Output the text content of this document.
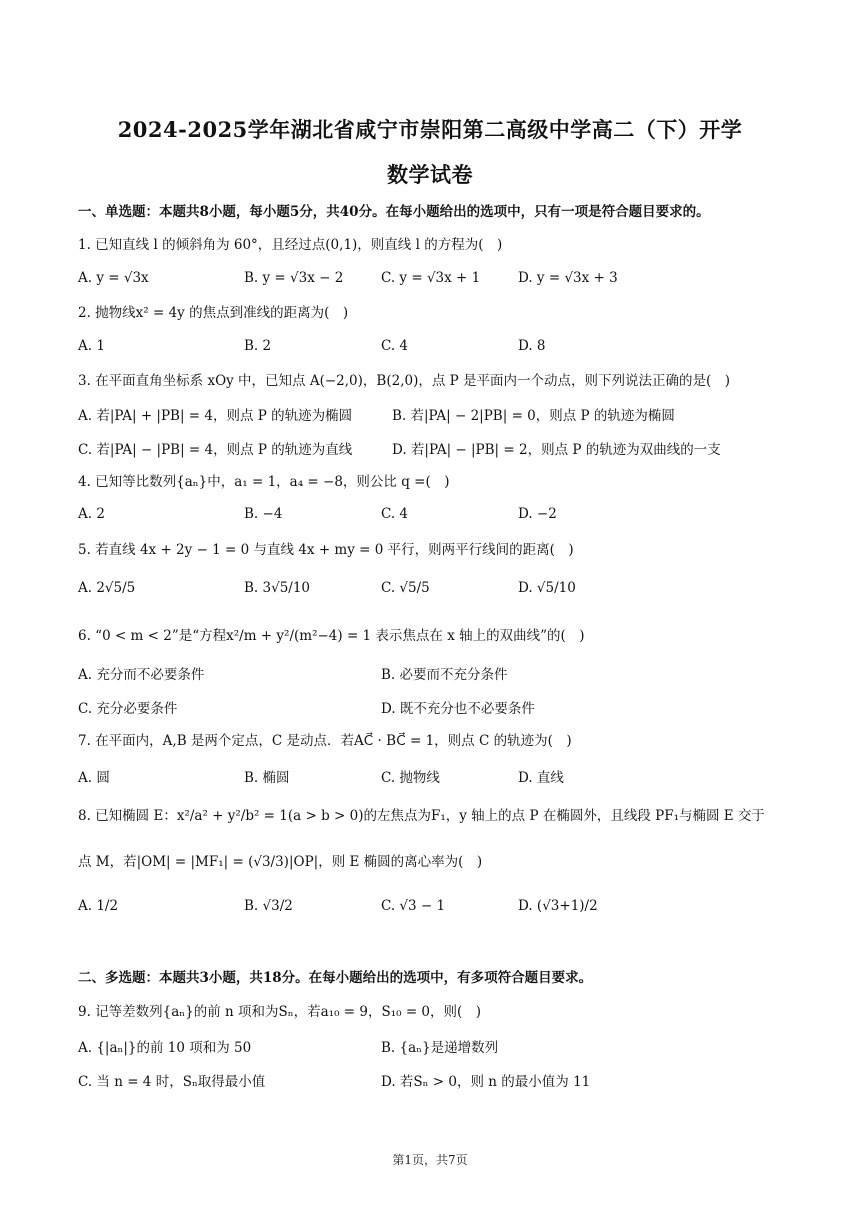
2024-2025学年湖北省咸宁市崇阳第二高级中学高二（下）开学
数学试卷
一、单选题：本题共8小题，每小题5分，共40分。在每小题给出的选项中，只有一项是符合题目要求的。
1. 已知直线 l 的倾斜角为 60°，且经过点(0,1)，则直线 l 的方程为(　)
A. y = √3x	B. y = √3x − 2	C. y = √3x + 1	D. y = √3x + 3
2. 抛物线x² = 4y 的焦点到准线的距离为(　)
A. 1	B. 2	C. 4	D. 8
3. 在平面直角坐标系 xOy 中，已知点 A(−2,0)，B(2,0)，点 P 是平面内一个动点，则下列说法正确的是(　)
A. 若|PA| + |PB| = 4，则点 P 的轨迹为椭圆	B. 若|PA| − 2|PB| = 0，则点 P 的轨迹为椭圆
C. 若|PA| − |PB| = 4，则点 P 的轨迹为直线	D. 若|PA| − |PB| = 2，则点 P 的轨迹为双曲线的一支
4. 已知等比数列{aₙ}中，a₁ = 1，a₄ = −8，则公比 q =(　)
A. 2	B. −4	C. 4	D. −2
5. 若直线 4x + 2y − 1 = 0 与直线 4x + my = 0 平行，则两平行线间的距离(　)
A. 2√5/5	B. 3√5/10	C. √5/5	D. √5/10
6. “0 < m < 2”是“方程x²/m + y²/(m²−4) = 1 表示焦点在 x 轴上的双曲线”的(　)
A. 充分而不必要条件	B. 必要而不充分条件
C. 充分必要条件	D. 既不充分也不必要条件
7. 在平面内，A,B 是两个定点，C 是动点．若AC⃗ · BC⃗ = 1，则点 C 的轨迹为(　)
A. 圆	B. 椭圆	C. 抛物线	D. 直线
8. 已知椭圆 E：x²/a² + y²/b² = 1(a > b > 0)的左焦点为F₁，y 轴上的点 P 在椭圆外，且线段 PF₁与椭圆 E 交于
点 M，若|OM| = |MF₁| = (√3/3)|OP|，则 E 椭圆的离心率为(　)
A. 1/2	B. √3/2	C. √3 − 1	D. (√3+1)/2
二、多选题：本题共3小题，共18分。在每小题给出的选项中，有多项符合题目要求。
9. 记等差数列{aₙ}的前 n 项和为Sₙ，若a₁₀ = 9，S₁₀ = 0，则(　)
A. {|aₙ|}的前 10 项和为 50	B. {aₙ}是递增数列
C. 当 n = 4 时，Sₙ取得最小值	D. 若Sₙ > 0，则 n 的最小值为 11
第1页，共7页
